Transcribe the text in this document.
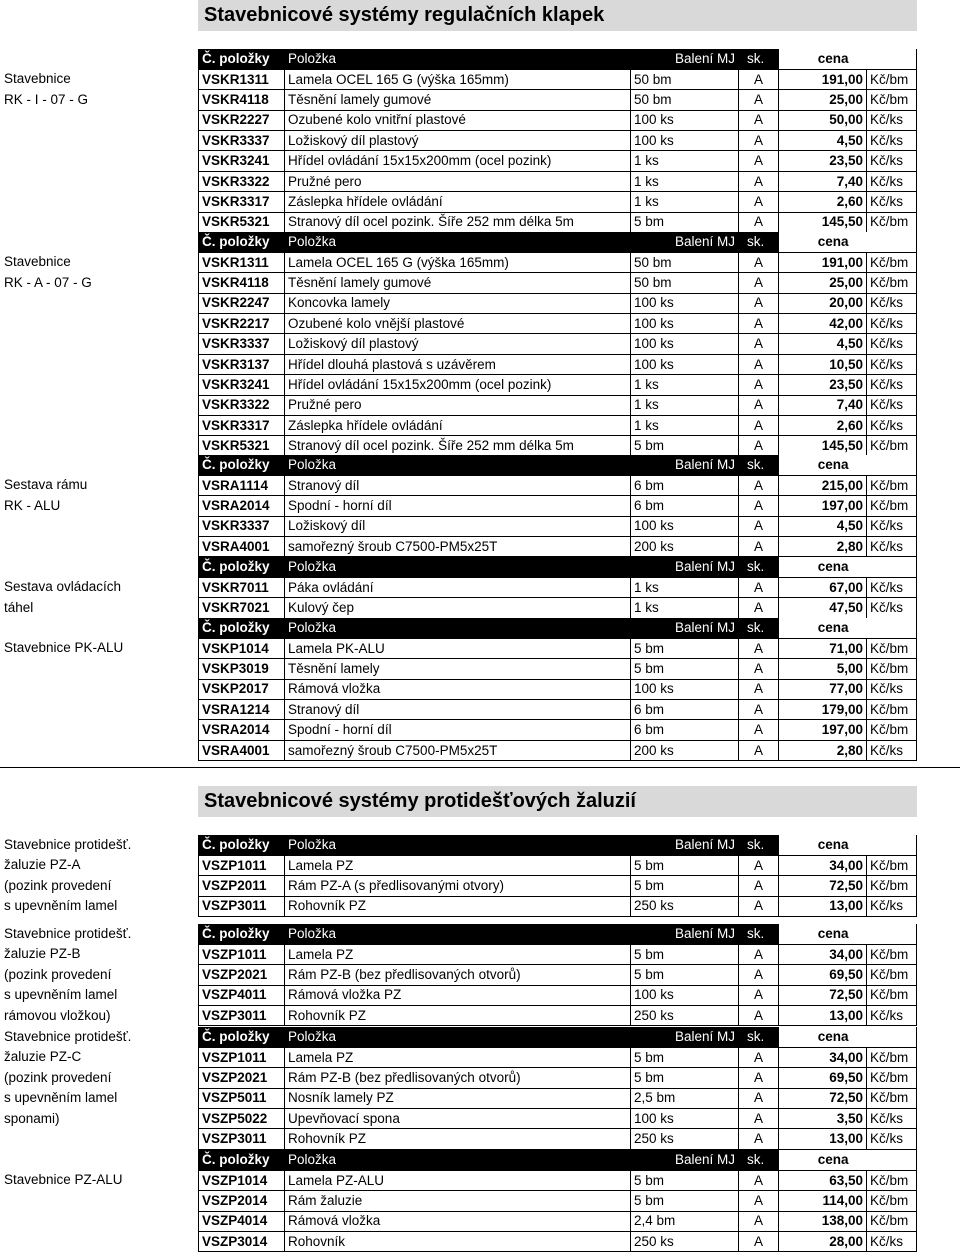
Stavebnicové systémy regulačních klapek
Stavebnicové systémy protidešťových žaluzií
Stavebnice
RK - I - 07 - G
Č. položky	Položka	Balení MJ	sk.	cena	
VSKR1311	Lamela OCEL 165 G (výška 165mm)	50 bm	A	191,00	Kč/bm
VSKR4118	Těsnění lamely gumové	50 bm	A	25,00	Kč/bm
VSKR2227	Ozubené kolo vnitřní plastové	100 ks	A	50,00	Kč/ks
VSKR3337	Ložiskový díl plastový	100 ks	A	4,50	Kč/ks
VSKR3241	Hřídel ovládání 15x15x200mm (ocel pozink)	1 ks	A	23,50	Kč/ks
VSKR3322	Pružné pero	1 ks	A	7,40	Kč/ks
VSKR3317	Záslepka hřídele ovládání	1 ks	A	2,60	Kč/ks
VSKR5321	Stranový díl ocel pozink. Šíře 252 mm délka 5m	5 bm	A	145,50	Kč/bm
Stavebnice
RK - A - 07 - G
Č. položky	Položka	Balení MJ	sk.	cena	
VSKR1311	Lamela OCEL 165 G (výška 165mm)	50 bm	A	191,00	Kč/bm
VSKR4118	Těsnění lamely gumové	50 bm	A	25,00	Kč/bm
VSKR2247	Koncovka lamely	100 ks	A	20,00	Kč/ks
VSKR2217	Ozubené kolo vnější plastové	100 ks	A	42,00	Kč/ks
VSKR3337	Ložiskový díl plastový	100 ks	A	4,50	Kč/ks
VSKR3137	Hřídel dlouhá plastová s uzávěrem	100 ks	A	10,50	Kč/ks
VSKR3241	Hřídel ovládání 15x15x200mm (ocel pozink)	1 ks	A	23,50	Kč/ks
VSKR3322	Pružné pero	1 ks	A	7,40	Kč/ks
VSKR3317	Záslepka hřídele ovládání	1 ks	A	2,60	Kč/ks
VSKR5321	Stranový díl ocel pozink. Šíře 252 mm délka 5m	5 bm	A	145,50	Kč/bm
Sestava rámu
RK - ALU
Č. položky	Položka	Balení MJ	sk.	cena	
VSRA1114	Stranový díl	6 bm	A	215,00	Kč/bm
VSRA2014	Spodní - horní díl	6 bm	A	197,00	Kč/bm
VSKR3337	Ložiskový díl	100 ks	A	4,50	Kč/ks
VSRA4001	samořezný šroub C7500-PM5x25T	200 ks	A	2,80	Kč/ks
Sestava ovládacích
táhel
Č. položky	Položka	Balení MJ	sk.	cena	
VSKR7011	Páka ovládání	1 ks	A	67,00	Kč/ks
VSKR7021	Kulový čep	1 ks	A	47,50	Kč/ks
Stavebnice PK-ALU
Č. položky	Položka	Balení MJ	sk.	cena	
VSKP1014	Lamela PK-ALU	5 bm	A	71,00	Kč/bm
VSKP3019	Těsnění lamely	5 bm	A	5,00	Kč/bm
VSKP2017	Rámová vložka	100 ks	A	77,00	Kč/ks
VSRA1214	Stranový díl	6 bm	A	179,00	Kč/bm
VSRA2014	Spodní - horní díl	6 bm	A	197,00	Kč/bm
VSRA4001	samořezný šroub C7500-PM5x25T	200 ks	A	2,80	Kč/ks
Stavebnice protidešť.
žaluzie PZ-A
(pozink provedení
s upevněním lamel
Č. položky	Položka	Balení MJ	sk.	cena	
VSZP1011	Lamela PZ	5 bm	A	34,00	Kč/bm
VSZP2011	Rám PZ-A (s předlisovanými otvory)	5 bm	A	72,50	Kč/bm
VSZP3011	Rohovník PZ	250 ks	A	13,00	Kč/ks
Stavebnice protidešť.
žaluzie PZ-B
(pozink provedení
s upevněním lamel
rámovou vložkou)
Č. položky	Položka	Balení MJ	sk.	cena	
VSZP1011	Lamela PZ	5 bm	A	34,00	Kč/bm
VSZP2021	Rám PZ-B (bez předlisovaných otvorů)	5 bm	A	69,50	Kč/bm
VSZP4011	Rámová vložka PZ	100 ks	A	72,50	Kč/bm
VSZP3011	Rohovník PZ	250 ks	A	13,00	Kč/ks
Stavebnice protidešť.
žaluzie PZ-C
(pozink provedení
s upevněním lamel
sponami)
Č. položky	Položka	Balení MJ	sk.	cena	
VSZP1011	Lamela PZ	5 bm	A	34,00	Kč/bm
VSZP2021	Rám PZ-B (bez předlisovaných otvorů)	5 bm	A	69,50	Kč/bm
VSZP5011	Nosník lamely PZ	2,5 bm	A	72,50	Kč/bm
VSZP5022	Upevňovací spona	100 ks	A	3,50	Kč/ks
VSZP3011	Rohovník PZ	250 ks	A	13,00	Kč/ks
Stavebnice PZ-ALU
Č. položky	Položka	Balení MJ	sk.	cena	
VSZP1014	Lamela PZ-ALU	5 bm	A	63,50	Kč/bm
VSZP2014	Rám žaluzie	5 bm	A	114,00	Kč/bm
VSZP4014	Rámová vložka	2,4 bm	A	138,00	Kč/bm
VSZP3014	Rohovník	250 ks	A	28,00	Kč/ks
